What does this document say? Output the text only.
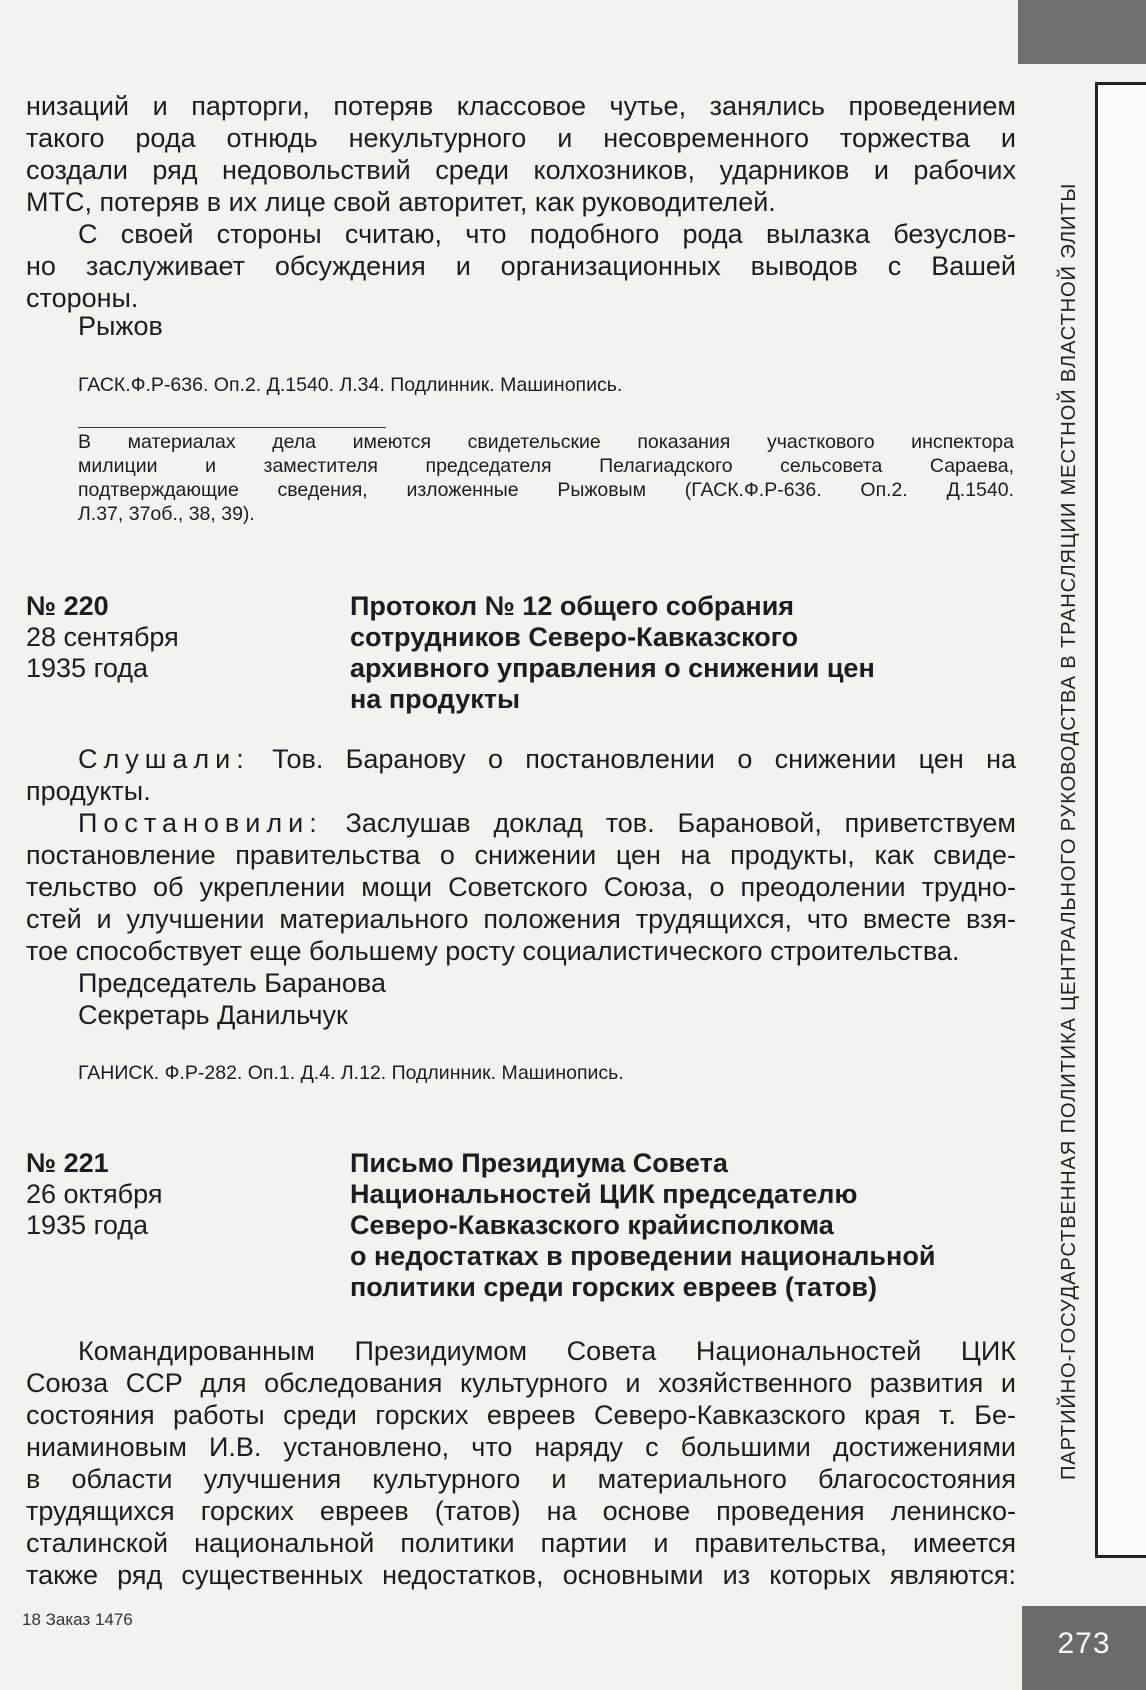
ПАРТИЙНО-ГОСУДАРСТВЕННАЯ ПОЛИТИКА ЦЕНТРАЛЬНОГО РУКОВОДСТВА В ТРАНСЛЯЦИИ МЕСТНОЙ ВЛАСТНОЙ ЭЛИТЫ
273
низаций и парторги, потеряв классовое чутье, занялись проведением
такого рода отнюдь некультурного и несовременного торжества и
создали ряд недовольствий среди колхозников, ударников и рабочих
МТС, потеряв в их лице свой авторитет, как руководителей.
С своей стороны считаю, что подобного рода вылазка безуслов-
но заслуживает обсуждения и организационных выводов с Вашей
стороны.

Рыжов

ГАСК.Ф.Р-636. Оп.2. Д.1540. Л.34. Подлинник. Машинопись.

В материалах дела имеются свидетельские показания участкового инспектора
милиции и заместителя председателя Пелагиадского сельсовета Сараева,
подтверждающие сведения, изложенные Рыжовым (ГАСК.Ф.Р-636. Оп.2. Д.1540.
Л.37, 37об., 38, 39).
№ 220
28 сентября
1935 года
Протокол № 12 общего собрания
сотрудников Северо-Кавказского
архивного управления о снижении цен
на продукты
Слушали: Тов. Баранову о постановлении о снижении цен на
продукты.
Постановили: Заслушав доклад тов. Барановой, приветствуем
постановление правительства о снижении цен на продукты, как свиде-
тельство об укреплении мощи Советского Союза, о преодолении трудно-
стей и улучшении материального положения трудящихся, что вместе взя-
тое способствует еще большему росту социалистического строительства.

Председатель Баранова

Секретарь Данильчук

ГАНИСК. Ф.Р-282. Оп.1. Д.4. Л.12. Подлинник. Машинопись.

№ 221
26 октября
1935 года
Письмо Президиума Совета
Национальностей ЦИК председателю
Северо-Кавказского крайисполкома
о недостатках в проведении национальной
политики среди горских евреев (татов)
Командированным Президиумом Совета Национальностей ЦИК
Союза ССР для обследования культурного и хозяйственного развития и
состояния работы среди горских евреев Северо-Кавказского края т. Бе-
ниаминовым И.В. установлено, что наряду с большими достижениями
в области улучшения культурного и материального благосостояния
трудящихся горских евреев (татов) на основе проведения ленинско-
сталинской национальной политики партии и правительства, имеется
также ряд существенных недостатков, основными из которых являются:
18 Заказ 1476
